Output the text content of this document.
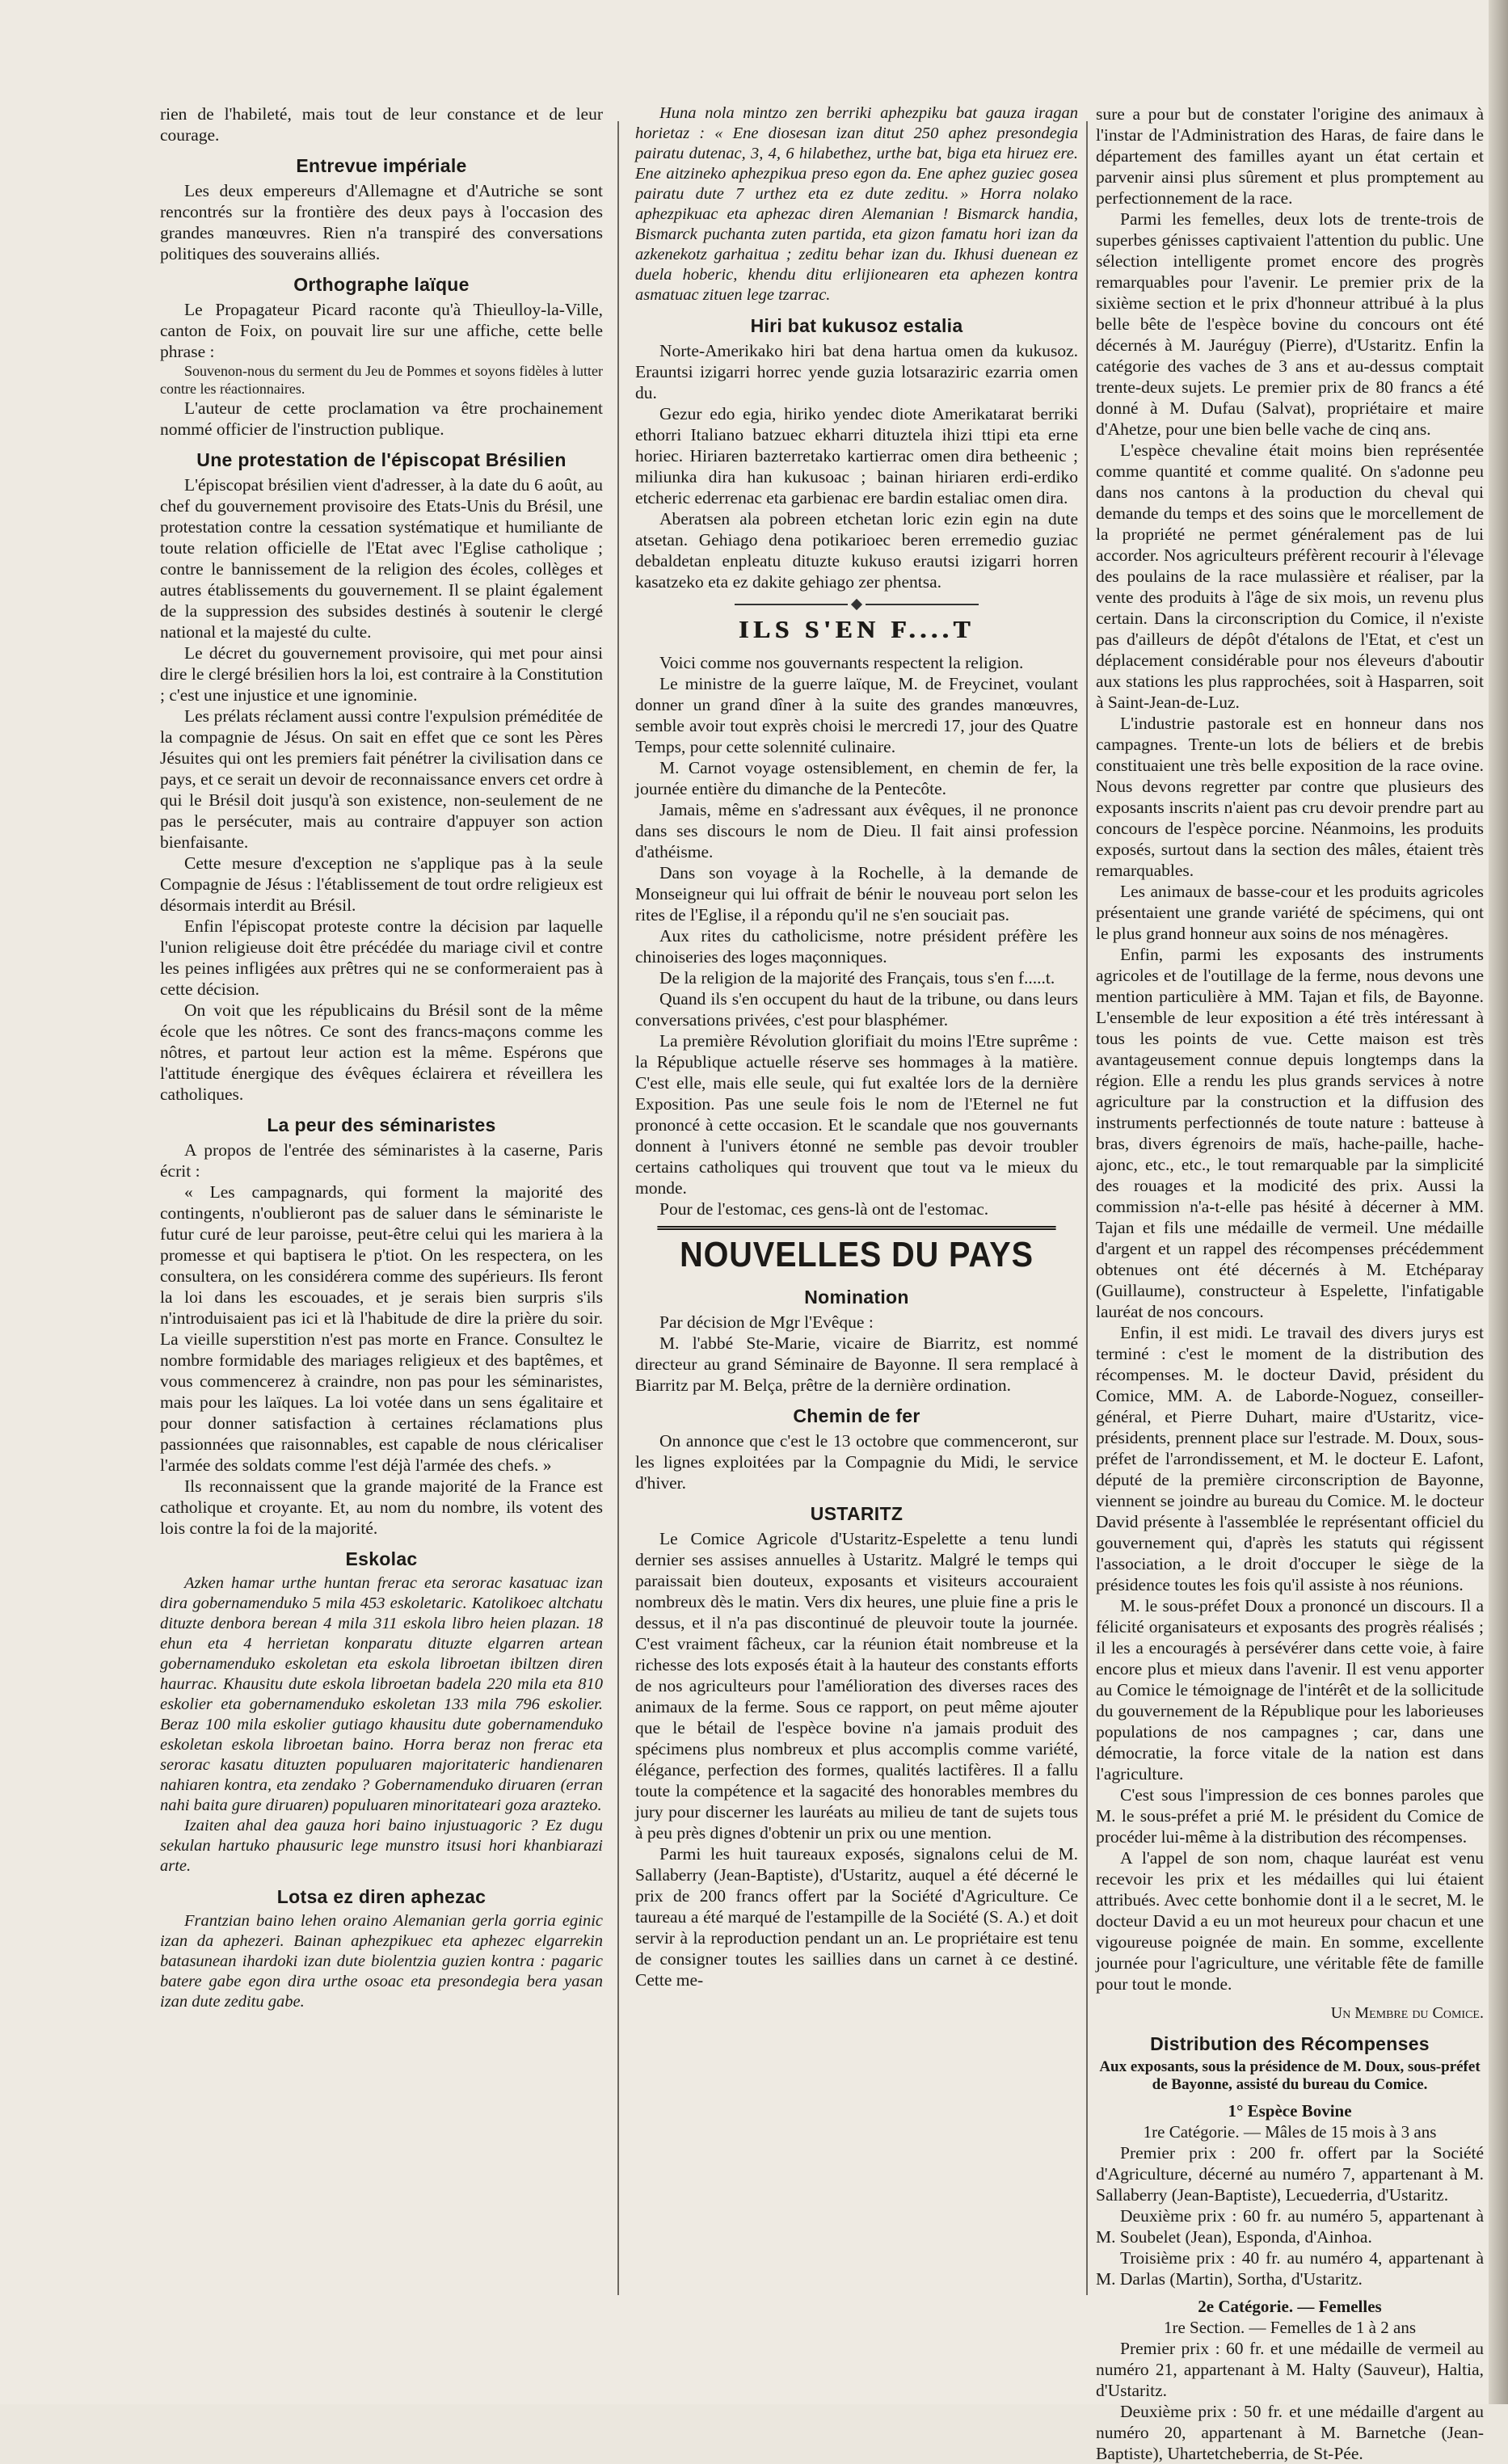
rien de l'habileté, mais tout de leur constance et de leur courage.

Entrevue impériale

Les deux empereurs d'Allemagne et d'Autriche se sont rencontrés sur la frontière des deux pays à l'occasion des grandes manœuvres. Rien n'a transpiré des conversations politiques des souverains alliés.

Orthographe laïque

Le Propagateur Picard raconte qu'à Thieulloy-la-Ville, canton de Foix, on pouvait lire sur une affiche, cette belle phrase :

Souvenon-nous du serment du Jeu de Pommes et soyons fidèles à lutter contre les réactionnaires.

L'auteur de cette proclamation va être prochainement nommé officier de l'instruction publique.

Une protestation de l'épiscopat Brésilien

L'épiscopat brésilien vient d'adresser, à la date du 6 août, au chef du gouvernement provisoire des Etats-Unis du Brésil, une protestation contre la cessation systématique et humiliante de toute relation officielle de l'Etat avec l'Eglise catholique ; contre le bannissement de la religion des écoles, collèges et autres établissements du gouvernement. Il se plaint également de la suppression des subsides destinés à soutenir le clergé national et la majesté du culte.

Le décret du gouvernement provisoire, qui met pour ainsi dire le clergé brésilien hors la loi, est contraire à la Constitution ; c'est une injustice et une ignominie.

Les prélats réclament aussi contre l'expulsion préméditée de la compagnie de Jésus. On sait en effet que ce sont les Pères Jésuites qui ont les premiers fait pénétrer la civilisation dans ce pays, et ce serait un devoir de reconnaissance envers cet ordre à qui le Brésil doit jusqu'à son existence, non-seulement de ne pas le persécuter, mais au contraire d'appuyer son action bienfaisante.

Cette mesure d'exception ne s'applique pas à la seule Compagnie de Jésus : l'établissement de tout ordre religieux est désormais interdit au Brésil.

Enfin l'épiscopat proteste contre la décision par laquelle l'union religieuse doit être précédée du mariage civil et contre les peines infligées aux prêtres qui ne se conformeraient pas à cette décision.

On voit que les républicains du Brésil sont de la même école que les nôtres. Ce sont des francs-maçons comme les nôtres, et partout leur action est la même. Espérons que l'attitude énergique des évêques éclairera et réveillera les catholiques.

La peur des séminaristes

A propos de l'entrée des séminaristes à la caserne, Paris écrit :

« Les campagnards, qui forment la majorité des contingents, n'oublieront pas de saluer dans le séminariste le futur curé de leur paroisse, peut-être celui qui les mariera à la promesse et qui baptisera le p'tiot. On les respectera, on les consultera, on les considérera comme des supérieurs. Ils feront la loi dans les escouades, et je serais bien surpris s'ils n'introduisaient pas ici et là l'habitude de dire la prière du soir. La vieille superstition n'est pas morte en France. Consultez le nombre formidable des mariages religieux et des baptêmes, et vous commencerez à craindre, non pas pour les séminaristes, mais pour les laïques. La loi votée dans un sens égalitaire et pour donner satisfaction à certaines réclamations plus passionnées que raisonnables, est capable de nous cléricaliser l'armée des soldats comme l'est déjà l'armée des chefs. »

Ils reconnaissent que la grande majorité de la France est catholique et croyante. Et, au nom du nombre, ils votent des lois contre la foi de la majorité.

Eskolac

Azken hamar urthe huntan frerac eta serorac kasatuac izan dira gobernamenduko 5 mila 453 eskoletaric. Katolikoec altchatu dituzte denbora berean 4 mila 311 eskola libro heien plazan. 18 ehun eta 4 herrietan konparatu dituzte elgarren artean gobernamenduko eskoletan eta eskola libroetan ibiltzen diren haurrac. Khausitu dute eskola libroetan badela 220 mila eta 810 eskolier eta gobernamenduko eskoletan 133 mila 796 eskolier. Beraz 100 mila eskolier gutiago khausitu dute gobernamenduko eskoletan eskola libroetan baino. Horra beraz non frerac eta serorac kasatu dituzten populuaren majoritateric handienaren nahiaren kontra, eta zendako ? Gobernamenduko diruaren (erran nahi baita gure diruaren) populuaren minoritateari goza arazteko.

Izaiten ahal dea gauza hori baino injustuagoric ? Ez dugu sekulan hartuko phausuric lege munstro itsusi hori khanbiarazi arte.

Lotsa ez diren aphezac

Frantzian baino lehen oraino Alemanian gerla gorria eginic izan da aphezeri. Bainan aphezpikuec eta aphezec elgarrekin batasunean ihardoki izan dute biolentzia guzien kontra : pagaric batere gabe egon dira urthe osoac eta presondegia bera yasan izan dute zeditu gabe.

Huna nola mintzo zen berriki aphezpiku bat gauza iragan horietaz : « Ene diosesan izan ditut 250 aphez presondegia pairatu dutenac, 3, 4, 6 hilabethez, urthe bat, biga eta hiruez ere. Ene aitzineko aphezpikua preso egon da. Ene aphez guziec gosea pairatu dute 7 urthez eta ez dute zeditu. » Horra nolako aphezpikuac eta aphezac diren Alemanian ! Bismarck handia, Bismarck puchanta zuten partida, eta gizon famatu hori izan da azkenekotz garhaitua ; zeditu behar izan du. Ikhusi duenean ez duela hoberic, khendu ditu erlijionearen eta aphezen kontra asmatuac zituen lege tzarrac.

Hiri bat kukusoz estalia

Norte-Amerikako hiri bat dena hartua omen da kukusoz. Erauntsi izigarri horrec yende guzia lotsaraziric ezarria omen du.

Gezur edo egia, hiriko yendec diote Amerikatarat berriki ethorri Italiano batzuec ekharri dituztela ihizi ttipi eta erne horiec. Hiriaren bazterretako kartierrac omen dira betheenic ; miliunka dira han kukusoac ; bainan hiriaren erdi-erdiko etcheric ederrenac eta garbienac ere bardin estaliac omen dira.

Aberatsen ala pobreen etchetan loric ezin egin na dute atsetan. Gehiago dena potikarioec beren erremedio guziac debaldetan enpleatu dituzte kukuso erautsi izigarri horren kasatzeko eta ez dakite gehiago zer phentsa.

ILS S'EN F....T

Voici comme nos gouvernants respectent la religion.

Le ministre de la guerre laïque, M. de Freycinet, voulant donner un grand dîner à la suite des grandes manœuvres, semble avoir tout exprès choisi le mercredi 17, jour des Quatre Temps, pour cette solennité culinaire.

M. Carnot voyage ostensiblement, en chemin de fer, la journée entière du dimanche de la Pentecôte.

Jamais, même en s'adressant aux évêques, il ne prononce dans ses discours le nom de Dieu. Il fait ainsi profession d'athéisme.

Dans son voyage à la Rochelle, à la demande de Monseigneur qui lui offrait de bénir le nouveau port selon les rites de l'Eglise, il a répondu qu'il ne s'en souciait pas.

Aux rites du catholicisme, notre président préfère les chinoiseries des loges maçonniques.

De la religion de la majorité des Français, tous s'en f.....t.

Quand ils s'en occupent du haut de la tribune, ou dans leurs conversations privées, c'est pour blasphémer.

La première Révolution glorifiait du moins l'Etre suprême : la République actuelle réserve ses hommages à la matière. C'est elle, mais elle seule, qui fut exaltée lors de la dernière Exposition. Pas une seule fois le nom de l'Eternel ne fut prononcé à cette occasion. Et le scandale que nos gouvernants donnent à l'univers étonné ne semble pas devoir troubler certains catholiques qui trouvent que tout va le mieux du monde.

Pour de l'estomac, ces gens-là ont de l'estomac.

NOUVELLES DU PAYS
Nomination

Par décision de Mgr l'Evêque :

M. l'abbé Ste-Marie, vicaire de Biarritz, est nommé directeur au grand Séminaire de Bayonne. Il sera remplacé à Biarritz par M. Belça, prêtre de la dernière ordination.

Chemin de fer

On annonce que c'est le 13 octobre que commenceront, sur les lignes exploitées par la Compagnie du Midi, le service d'hiver.

USTARITZ

Le Comice Agricole d'Ustaritz-Espelette a tenu lundi dernier ses assises annuelles à Ustaritz. Malgré le temps qui paraissait bien douteux, exposants et visiteurs accouraient nombreux dès le matin. Vers dix heures, une pluie fine a pris le dessus, et il n'a pas discontinué de pleuvoir toute la journée. C'est vraiment fâcheux, car la réunion était nombreuse et la richesse des lots exposés était à la hauteur des constants efforts de nos agriculteurs pour l'amélioration des diverses races des animaux de la ferme. Sous ce rapport, on peut même ajouter que le bétail de l'espèce bovine n'a jamais produit des spécimens plus nombreux et plus accomplis comme variété, élégance, perfection des formes, qualités lactifères. Il a fallu toute la compétence et la sagacité des honorables membres du jury pour discerner les lauréats au milieu de tant de sujets tous à peu près dignes d'obtenir un prix ou une mention.

Parmi les huit taureaux exposés, signalons celui de M. Sallaberry (Jean-Baptiste), d'Ustaritz, auquel a été décerné le prix de 200 francs offert par la Société d'Agriculture. Ce taureau a été marqué de l'estampille de la Société (S. A.) et doit servir à la reproduction pendant un an. Le propriétaire est tenu de consigner toutes les saillies dans un carnet à ce destiné. Cette me-

sure a pour but de constater l'origine des animaux à l'instar de l'Administration des Haras, de faire dans le département des familles ayant un état certain et parvenir ainsi plus sûrement et plus promptement au perfectionnement de la race.

Parmi les femelles, deux lots de trente-trois de superbes génisses captivaient l'attention du public. Une sélection intelligente promet encore des progrès remarquables pour l'avenir. Le premier prix de la sixième section et le prix d'honneur attribué à la plus belle bête de l'espèce bovine du concours ont été décernés à M. Jauréguy (Pierre), d'Ustaritz. Enfin la catégorie des vaches de 3 ans et au-dessus comptait trente-deux sujets. Le premier prix de 80 francs a été donné à M. Dufau (Salvat), propriétaire et maire d'Ahetze, pour une bien belle vache de cinq ans.

L'espèce chevaline était moins bien représentée comme quantité et comme qualité. On s'adonne peu dans nos cantons à la production du cheval qui demande du temps et des soins que le morcellement de la propriété ne permet généralement pas de lui accorder. Nos agriculteurs préfèrent recourir à l'élevage des poulains de la race mulassière et réaliser, par la vente des produits à l'âge de six mois, un revenu plus certain. Dans la circonscription du Comice, il n'existe pas d'ailleurs de dépôt d'étalons de l'Etat, et c'est un déplacement considérable pour nos éleveurs d'aboutir aux stations les plus rapprochées, soit à Hasparren, soit à Saint-Jean-de-Luz.

L'industrie pastorale est en honneur dans nos campagnes. Trente-un lots de béliers et de brebis constituaient une très belle exposition de la race ovine. Nous devons regretter par contre que plusieurs des exposants inscrits n'aient pas cru devoir prendre part au concours de l'espèce porcine. Néanmoins, les produits exposés, surtout dans la section des mâles, étaient très remarquables.

Les animaux de basse-cour et les produits agricoles présentaient une grande variété de spécimens, qui ont le plus grand honneur aux soins de nos ménagères.

Enfin, parmi les exposants des instruments agricoles et de l'outillage de la ferme, nous devons une mention particulière à MM. Tajan et fils, de Bayonne. L'ensemble de leur exposition a été très intéressant à tous les points de vue. Cette maison est très avantageusement connue depuis longtemps dans la région. Elle a rendu les plus grands services à notre agriculture par la construction et la diffusion des instruments perfectionnés de toute nature : batteuse à bras, divers égrenoirs de maïs, hache-paille, hache-ajonc, etc., etc., le tout remarquable par la simplicité des rouages et la modicité des prix. Aussi la commission n'a-t-elle pas hésité à décerner à MM. Tajan et fils une médaille de vermeil. Une médaille d'argent et un rappel des récompenses précédemment obtenues ont été décernés à M. Etchéparay (Guillaume), constructeur à Espelette, l'infatigable lauréat de nos concours.

Enfin, il est midi. Le travail des divers jurys est terminé : c'est le moment de la distribution des récompenses. M. le docteur David, président du Comice, MM. A. de Laborde-Noguez, conseiller-général, et Pierre Duhart, maire d'Ustaritz, vice-présidents, prennent place sur l'estrade. M. Doux, sous-préfet de l'arrondissement, et M. le docteur E. Lafont, député de la première circonscription de Bayonne, viennent se joindre au bureau du Comice. M. le docteur David présente à l'assemblée le représentant officiel du gouvernement qui, d'après les statuts qui régissent l'association, a le droit d'occuper le siège de la présidence toutes les fois qu'il assiste à nos réunions.

M. le sous-préfet Doux a prononcé un discours. Il a félicité organisateurs et exposants des progrès réalisés ; il les a encouragés à persévérer dans cette voie, à faire encore plus et mieux dans l'avenir. Il est venu apporter au Comice le témoignage de l'intérêt et de la sollicitude du gouvernement de la République pour les laborieuses populations de nos campagnes ; car, dans une démocratie, la force vitale de la nation est dans l'agriculture.

C'est sous l'impression de ces bonnes paroles que M. le sous-préfet a prié M. le président du Comice de procéder lui-même à la distribution des récompenses.

A l'appel de son nom, chaque lauréat est venu recevoir les prix et les médailles qui lui étaient attribués. Avec cette bonhomie dont il a le secret, M. le docteur David a eu un mot heureux pour chacun et une vigoureuse poignée de main. En somme, excellente journée pour l'agriculture, une véritable fête de famille pour tout le monde.

Un Membre du Comice.

Distribution des Récompenses

Aux exposants, sous la présidence de M. Doux, sous-préfet de Bayonne, assisté du bureau du Comice.

1° Espèce Bovine

1re Catégorie. — Mâles de 15 mois à 3 ans

Premier prix : 200 fr. offert par la Société d'Agriculture, décerné au numéro 7, appartenant à M. Sallaberry (Jean-Baptiste), Lecuederria, d'Ustaritz.

Deuxième prix : 60 fr. au numéro 5, appartenant à M. Soubelet (Jean), Esponda, d'Ainhoa.

Troisième prix : 40 fr. au numéro 4, appartenant à M. Darlas (Martin), Sortha, d'Ustaritz.

2e Catégorie. — Femelles

1re Section. — Femelles de 1 à 2 ans

Premier prix : 60 fr. et une médaille de vermeil au numéro 21, appartenant à M. Halty (Sauveur), Haltia, d'Ustaritz.

Deuxième prix : 50 fr. et une médaille d'argent au numéro 20, appartenant à M. Barnetche (Jean-Baptiste), Uhartetcheberria, de St-Pée.
